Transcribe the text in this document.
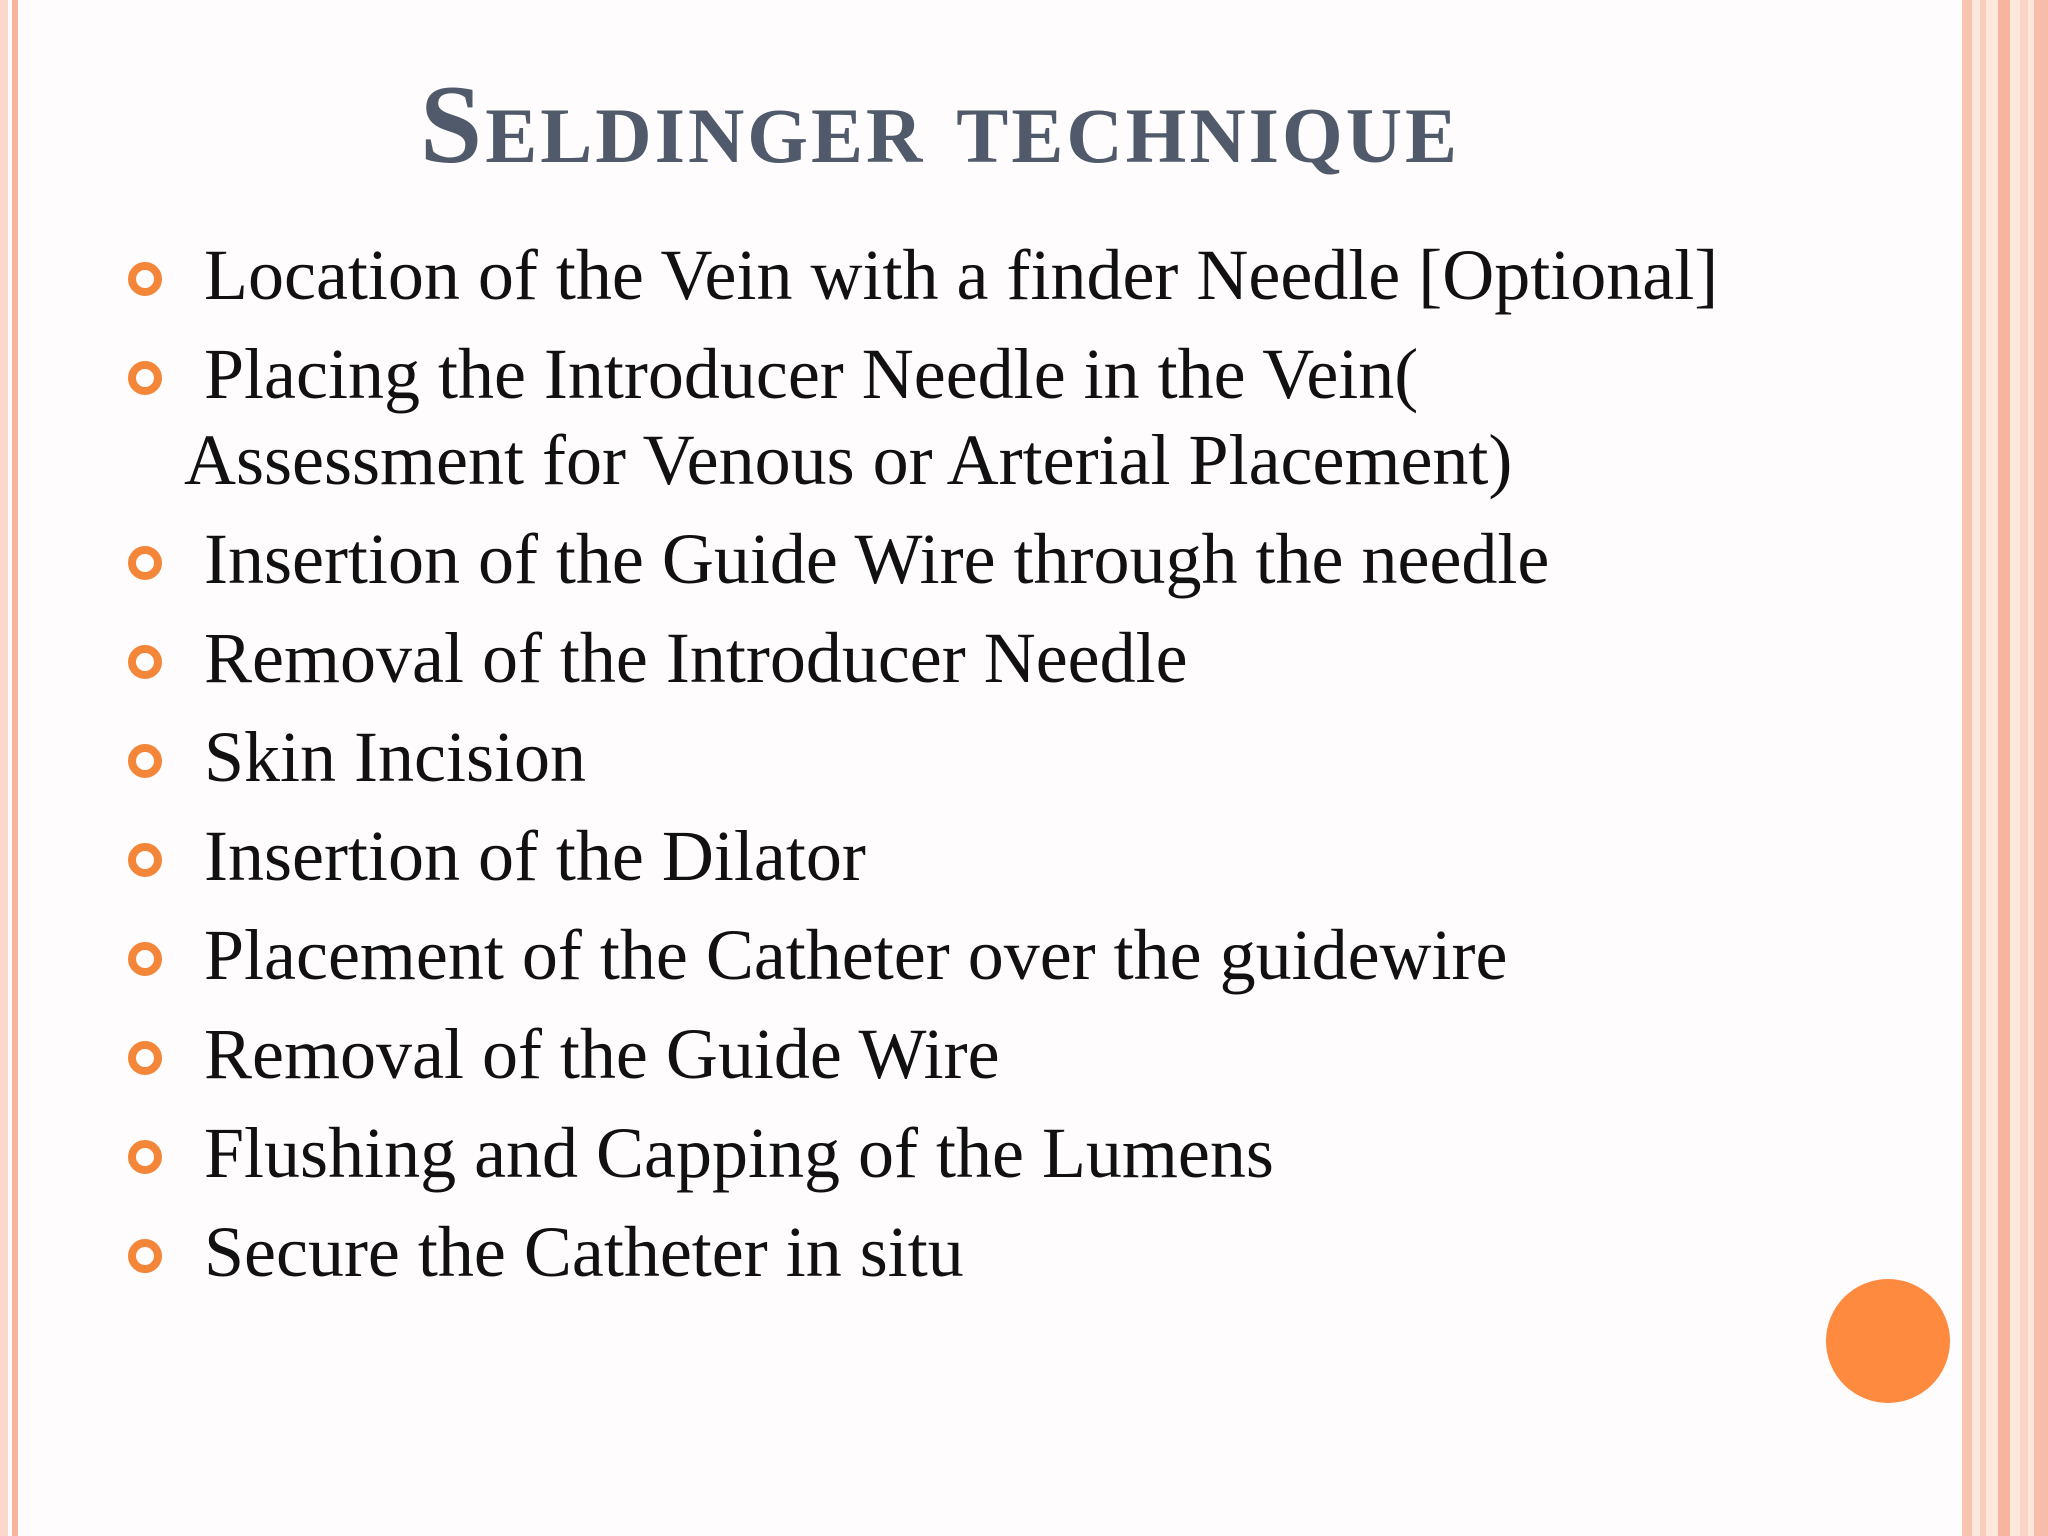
Seldinger technique
Location of the Vein with a finder Needle [Optional]
Placing the Introducer Needle in the Vein(
Assessment for Venous or Arterial Placement)
Insertion of the Guide Wire through the needle
Removal of the Introducer Needle
Skin Incision
Insertion of the Dilator
Placement of the Catheter over the guidewire
Removal of the Guide Wire
Flushing and Capping of the Lumens
Secure the Catheter in situ
